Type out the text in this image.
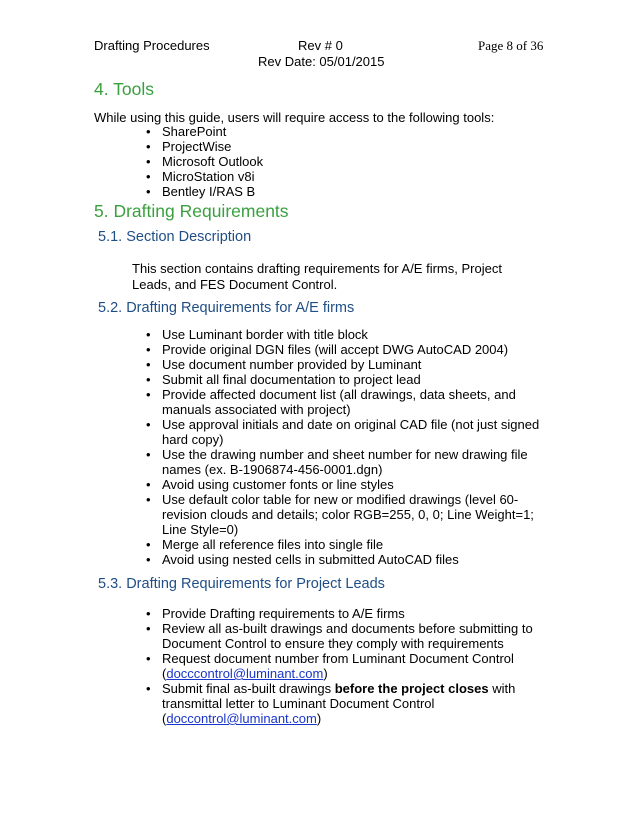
Drafting Procedures	Rev # 0
Rev Date: 05/01/2015
Page 8 of 36
4. Tools

While using this guide, users will require access to the following tools:

• SharePoint
• ProjectWise
• Microsoft Outlook
• MicroStation v8i
• Bentley I/RAS B
5. Drafting Requirements
5.1. Section Description

This section contains drafting requirements for A/E firms, Project Leads, and FES Document Control.

5.2. Drafting Requirements for A/E firms
• Use Luminant border with title block
• Provide original DGN files (will accept DWG AutoCAD 2004)
• Use document number provided by Luminant
• Submit all final documentation to project lead
• Provide affected document list (all drawings, data sheets, and manuals associated with project)
• Use approval initials and date on original CAD file (not just signed hard copy)
• Use the drawing number and sheet number for new drawing file names (ex. B-1906874-456-0001.dgn)
• Avoid using customer fonts or line styles
• Use default color table for new or modified drawings (level 60-revision clouds and details; color RGB=255, 0, 0; Line Weight=1; Line Style=0)
• Merge all reference files into single file
• Avoid using nested cells in submitted AutoCAD files
5.3. Drafting Requirements for Project Leads
• Provide Drafting requirements to A/E firms
• Review all as-built drawings and documents before submitting to Document Control to ensure they comply with requirements
• Request document number from Luminant Document Control (docccontrol@luminant.com)
• Submit final as-built drawings before the project closes with transmittal letter to Luminant Document Control (doccontrol@luminant.com)
